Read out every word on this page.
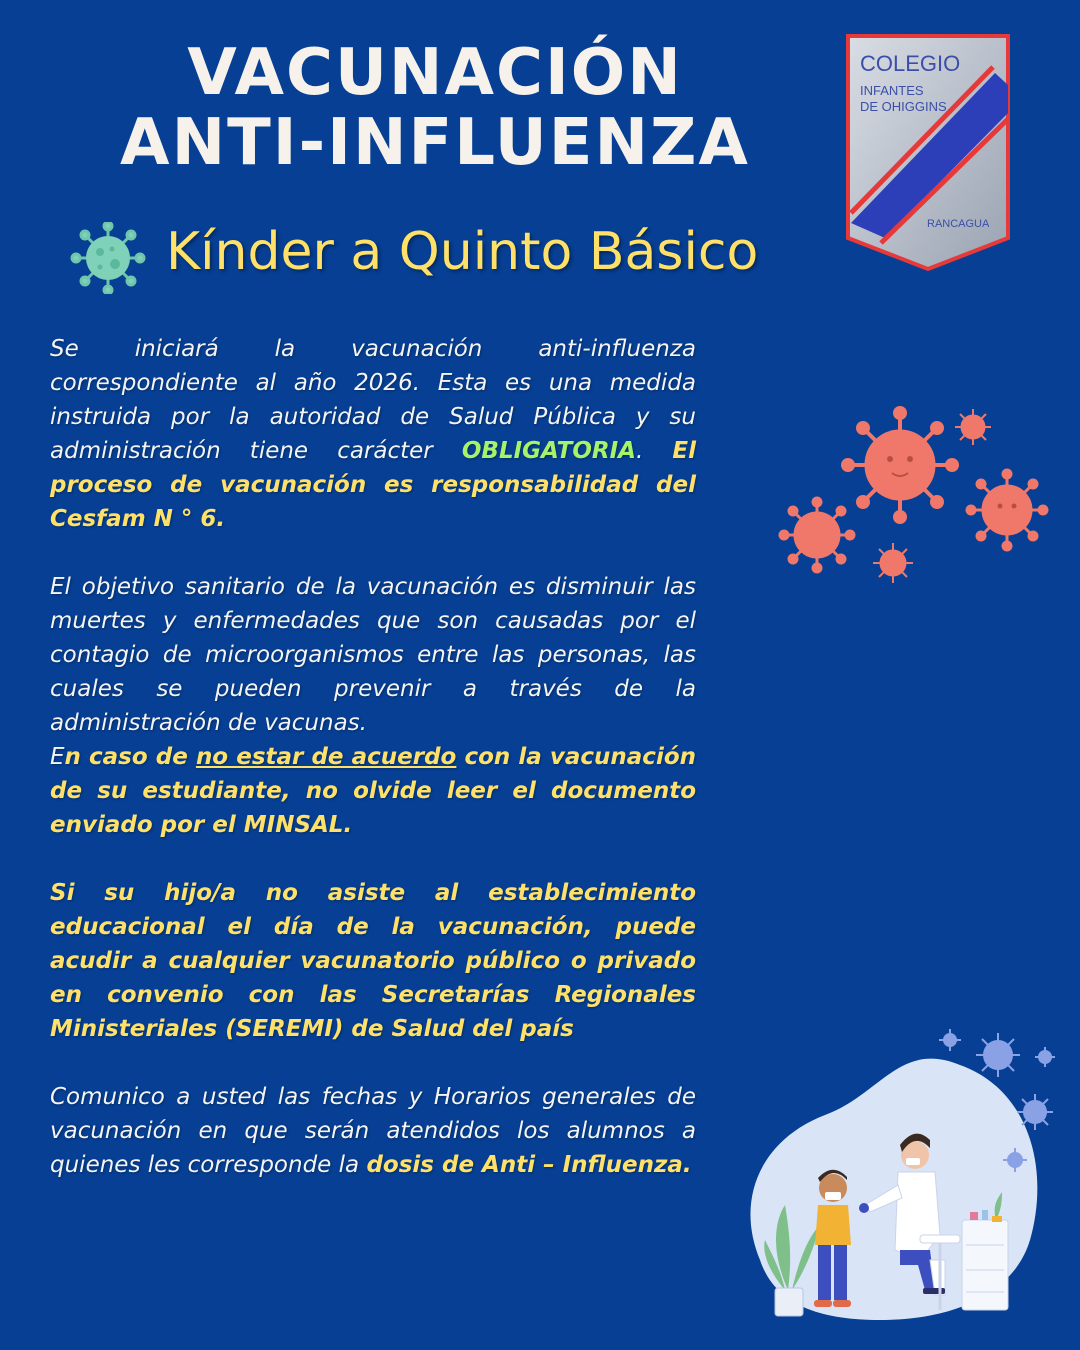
VACUNACIÓN
ANTI-INFLUENZA
COLEGIO
INFANTES
DE OHIGGINS
RANCAGUA
Kínder a Quinto Básico

Se iniciará la vacunación anti-influenza correspondiente al año 2026. Esta es una medida instruida por la autoridad de Salud Pública y su administración tiene carácter OBLIGATORIA. El proceso de vacunación es responsabilidad del Cesfam N ° 6.

El objetivo sanitario de la vacunación es disminuir las muertes y enfermedades que son causadas por el contagio de microorganismos entre las personas, las cuales se pueden prevenir a través de la administración de vacunas.

En caso de no estar de acuerdo con la vacunación de su estudiante, no olvide leer el documento enviado por el MINSAL.

Si su hijo/a no asiste al establecimiento educacional el día de la vacunación, puede acudir a cualquier vacunatorio público o privado en convenio con las Secretarías Regionales Ministeriales (SEREMI) de Salud del país

Comunico a usted las fechas y Horarios generales de vacunación en que serán atendidos los alumnos a quienes les corresponde la dosis de Anti – Influenza.
